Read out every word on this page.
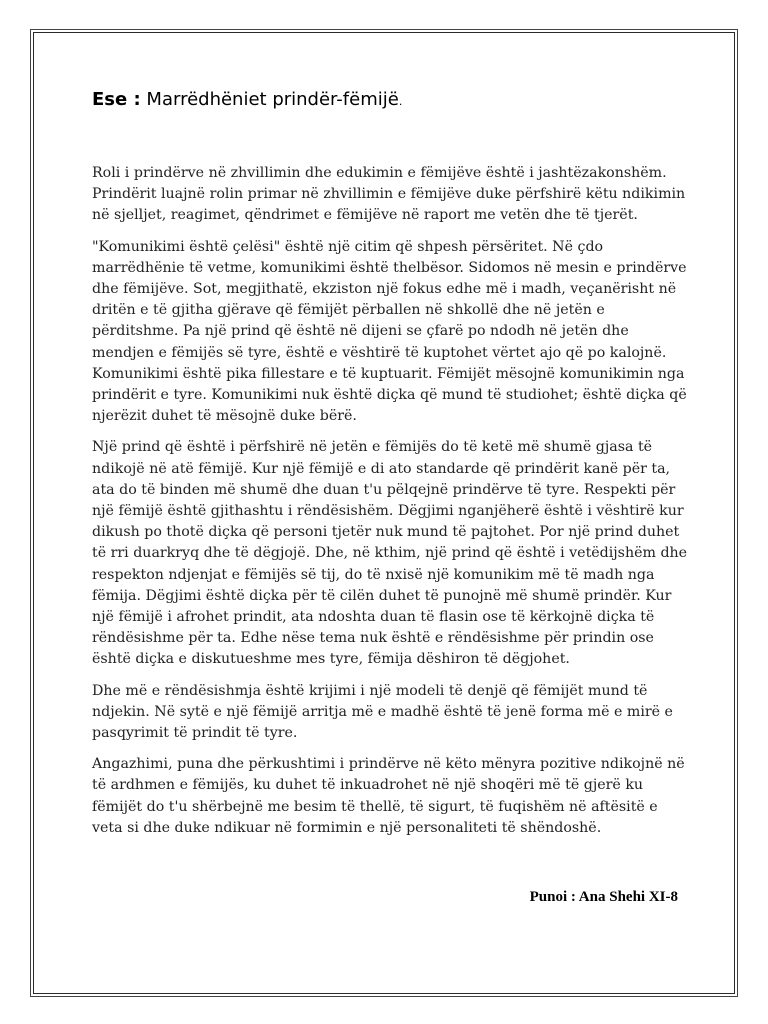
Ese : Marrëdhëniet prindër-fëmijë.

Roli i prindërve në zhvillimin dhe edukimin e fëmijëve është i jashtëzakonshëm. Prindërit luajnë rolin primar në zhvillimin e fëmijëve duke përfshirë këtu ndikimin në sjelljet, reagimet, qëndrimet e fëmijëve në raport me vetën dhe të tjerët.

"Komunikimi është çelësi" është një citim që shpesh përsëritet. Në çdo marrëdhënie të vetme, komunikimi është thelbësor. Sidomos në mesin e prindërve dhe fëmijëve. Sot, megjithatë, ekziston një fokus edhe më i madh, veçanërisht në dritën e të gjitha gjërave që fëmijët përballen në shkollë dhe në jetën e përditshme. Pa një prind që është në dijeni se çfarë po ndodh në jetën dhe mendjen e fëmijës së tyre, është e vështirë të kuptohet vërtet ajo që po kalojnë. Komunikimi është pika fillestare e të kuptuarit. Fëmijët mësojnë komunikimin nga prindërit e tyre. Komunikimi nuk është diçka që mund të studiohet; është diçka që njerëzit duhet të mësojnë duke bërë.

Një prind që është i përfshirë në jetën e fëmijës do të ketë më shumë gjasa të ndikojë në atë fëmijë. Kur një fëmijë e di ato standarde që prindërit kanë për ta, ata do të binden më shumë dhe duan t'u pëlqejnë prindërve të tyre. Respekti për një fëmijë është gjithashtu i rëndësishëm. Dëgjimi nganjëherë është i vështirë kur dikush po thotë diçka që personi tjetër nuk mund të pajtohet. Por një prind duhet të rri duarkryq dhe të dëgjojë. Dhe, në kthim, një prind që është i vetëdijshëm dhe respekton ndjenjat e fëmijës së tij, do të nxisë një komunikim më të madh nga fëmija. Dëgjimi është diçka për të cilën duhet të punojnë më shumë prindër. Kur një fëmijë i afrohet prindit, ata ndoshta duan të flasin ose të kërkojnë diçka të rëndësishme për ta. Edhe nëse tema nuk është e rëndësishme për prindin ose është diçka e diskutueshme mes tyre, fëmija dëshiron të dëgjohet.

Dhe më e rëndësishmja është krijimi i një modeli të denjë që fëmijët mund të ndjekin. Në sytë e një fëmijë arritja më e madhë është të jenë forma më e mirë e pasqyrimit të prindit të tyre.

Angazhimi, puna dhe përkushtimi i prindërve në këto mënyra pozitive ndikojnë në të ardhmen e fëmijës, ku duhet të inkuadrohet në një shoqëri më të gjerë ku fëmijët do t'u shërbejnë me besim të thellë, të sigurt, të fuqishëm në aftësitë e veta si dhe duke ndikuar në formimin e një personaliteti të shëndoshë.

Punoi : Ana Shehi XI-8
